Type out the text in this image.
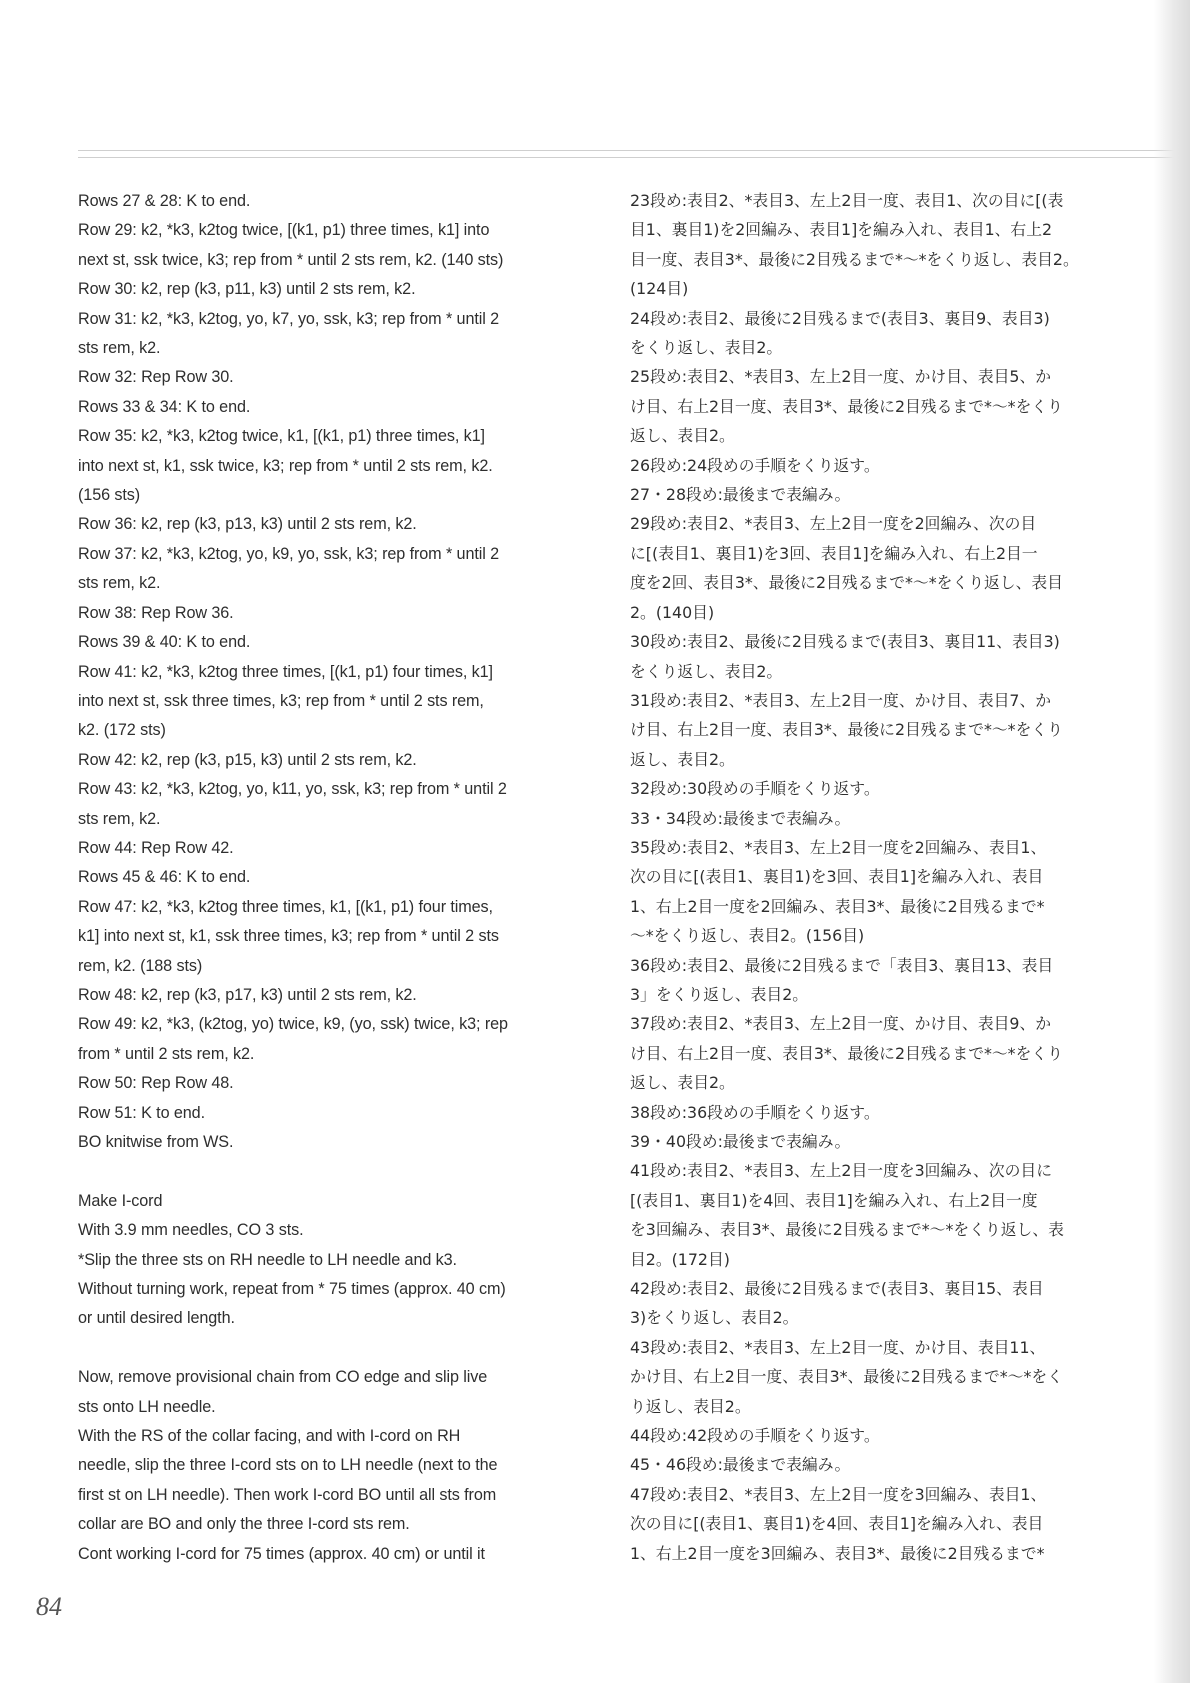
Rows 27 & 28: K to end.
Row 29: k2, *k3, k2tog twice, [(k1, p1) three times, k1] into
next st, ssk twice, k3; rep from * until 2 sts rem, k2. (140 sts)
Row 30: k2, rep (k3, p11, k3) until 2 sts rem, k2.
Row 31: k2, *k3, k2tog, yo, k7, yo, ssk, k3; rep from * until 2
sts rem, k2.
Row 32: Rep Row 30.
Rows 33 & 34: K to end.
Row 35: k2, *k3, k2tog twice, k1, [(k1, p1) three times, k1]
into next st, k1, ssk twice, k3; rep from * until 2 sts rem, k2.
(156 sts)
Row 36: k2, rep (k3, p13, k3) until 2 sts rem, k2.
Row 37: k2, *k3, k2tog, yo, k9, yo, ssk, k3; rep from * until 2
sts rem, k2.
Row 38: Rep Row 36.
Rows 39 & 40: K to end.
Row 41: k2, *k3, k2tog three times, [(k1, p1) four times, k1]
into next st, ssk three times, k3; rep from * until 2 sts rem,
k2. (172 sts)
Row 42: k2, rep (k3, p15, k3) until 2 sts rem, k2.
Row 43: k2, *k3, k2tog, yo, k11, yo, ssk, k3; rep from * until 2
sts rem, k2.
Row 44: Rep Row 42.
Rows 45 & 46: K to end.
Row 47: k2, *k3, k2tog three times, k1, [(k1, p1) four times,
k1] into next st, k1, ssk three times, k3; rep from * until 2 sts
rem, k2. (188 sts)
Row 48: k2, rep (k3, p17, k3) until 2 sts rem, k2.
Row 49: k2, *k3, (k2tog, yo) twice, k9, (yo, ssk) twice, k3; rep
from * until 2 sts rem, k2.
Row 50: Rep Row 48.
Row 51: K to end.
BO knitwise from WS.
Make I-cord
With 3.9 mm needles, CO 3 sts.
*Slip the three sts on RH needle to LH needle and k3.
Without turning work, repeat from * 75 times (approx. 40 cm)
or until desired length.
Now, remove provisional chain from CO edge and slip live
sts onto LH needle.
With the RS of the collar facing, and with I-cord on RH
needle, slip the three I-cord sts on to LH needle (next to the
first st on LH needle). Then work I-cord BO until all sts from
collar are BO and only the three I-cord sts rem.
Cont working I-cord for 75 times (approx. 40 cm) or until it
23段め:表目2、*表目3、左上2目一度、表目1、次の目に[(表
目1、裏目1)を2回編み、表目1]を編み入れ、表目1、右上2
目一度、表目3*、最後に2目残るまで*〜*をくり返し、表目2。
(124目)
24段め:表目2、最後に2目残るまで(表目3、裏目9、表目3)
をくり返し、表目2。
25段め:表目2、*表目3、左上2目一度、かけ目、表目5、か
け目、右上2目一度、表目3*、最後に2目残るまで*〜*をくり
返し、表目2。
26段め:24段めの手順をくり返す。
27・28段め:最後まで表編み。
29段め:表目2、*表目3、左上2目一度を2回編み、次の目
に[(表目1、裏目1)を3回、表目1]を編み入れ、右上2目一
度を2回、表目3*、最後に2目残るまで*〜*をくり返し、表目
2。(140目)
30段め:表目2、最後に2目残るまで(表目3、裏目11、表目3)
をくり返し、表目2。
31段め:表目2、*表目3、左上2目一度、かけ目、表目7、か
け目、右上2目一度、表目3*、最後に2目残るまで*〜*をくり
返し、表目2。
32段め:30段めの手順をくり返す。
33・34段め:最後まで表編み。
35段め:表目2、*表目3、左上2目一度を2回編み、表目1、
次の目に[(表目1、裏目1)を3回、表目1]を編み入れ、表目
1、右上2目一度を2回編み、表目3*、最後に2目残るまで*
〜*をくり返し、表目2。(156目)
36段め:表目2、最後に2目残るまで「表目3、裏目13、表目
3」をくり返し、表目2。
37段め:表目2、*表目3、左上2目一度、かけ目、表目9、か
け目、右上2目一度、表目3*、最後に2目残るまで*〜*をくり
返し、表目2。
38段め:36段めの手順をくり返す。
39・40段め:最後まで表編み。
41段め:表目2、*表目3、左上2目一度を3回編み、次の目に
[(表目1、裏目1)を4回、表目1]を編み入れ、右上2目一度
を3回編み、表目3*、最後に2目残るまで*〜*をくり返し、表
目2。(172目)
42段め:表目2、最後に2目残るまで(表目3、裏目15、表目
3)をくり返し、表目2。
43段め:表目2、*表目3、左上2目一度、かけ目、表目11、
かけ目、右上2目一度、表目3*、最後に2目残るまで*〜*をく
り返し、表目2。
44段め:42段めの手順をくり返す。
45・46段め:最後まで表編み。
47段め:表目2、*表目3、左上2目一度を3回編み、表目1、
次の目に[(表目1、裏目1)を4回、表目1]を編み入れ、表目
1、右上2目一度を3回編み、表目3*、最後に2目残るまで*
84
